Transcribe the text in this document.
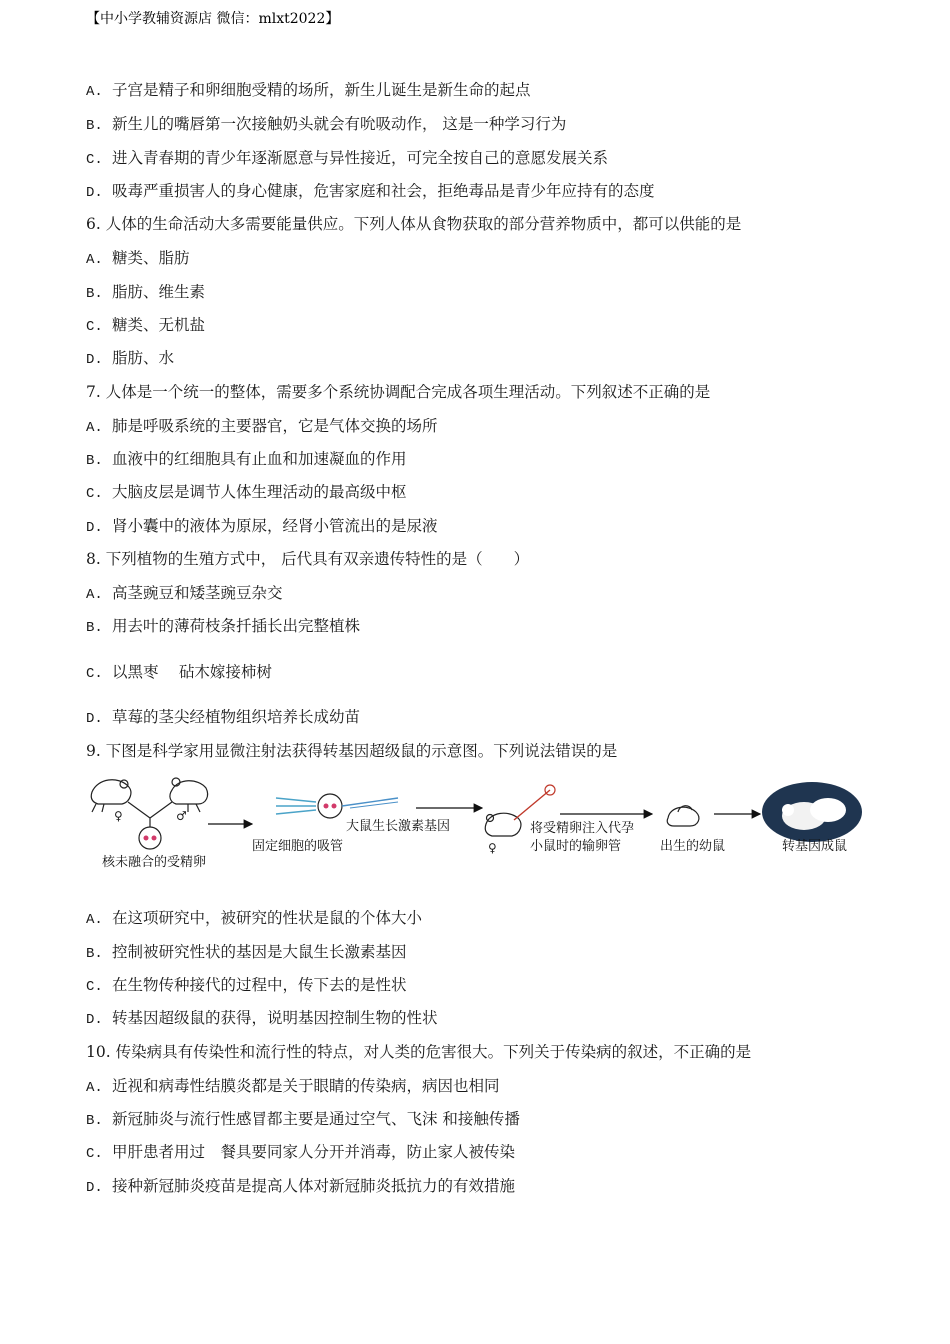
【中小学教辅资源店 微信：mlxt2022】
A. 子宫是精子和卵细胞受精的场所，新生儿诞生是新生命的起点
B. 新生儿的嘴唇第一次接触奶头就会有吮吸动作， 这是一种学习行为
C. 进入青春期的青少年逐渐愿意与异性接近，可完全按自己的意愿发展关系
D. 吸毒严重损害人的身心健康，危害家庭和社会，拒绝毒品是青少年应持有的态度
6. 人体的生命活动大多需要能量供应。下列人体从食物获取的部分营养物质中，都可以供能的是
A. 糖类、脂肪
B. 脂肪、维生素
C. 糖类、无机盐
D. 脂肪、水
7. 人体是一个统一的整体，需要多个系统协调配合完成各项生理活动。下列叙述不正确的是
A. 肺是呼吸系统的主要器官，它是气体交换的场所
B. 血液中的红细胞具有止血和加速凝血的作用
C. 大脑皮层是调节人体生理活动的最高级中枢
D. 肾小囊中的液体为原尿，经肾小管流出的是尿液
8. 下列植物的生殖方式中， 后代具有双亲遗传特性的是（　　）
A. 高茎豌豆和矮茎豌豆杂交
B. 用去叶的薄荷枝条扦插长出完整植株
C. 以黑枣　 砧木嫁接柿树
D. 草莓的茎尖经植物组织培养长成幼苗
9. 下图是科学家用显微注射法获得转基因超级鼠的示意图。下列说法错误的是
♀	♂
核未融合的受精卵
固定细胞的吸管
大鼠生长激素基因
♀
将受精卵注入代孕
小鼠时的输卵管	出生的幼鼠	转基因成鼠
A. 在这项研究中，被研究的性状是鼠的个体大小
B. 控制被研究性状的基因是大鼠生长激素基因
C. 在生物传种接代的过程中，传下去的是性状
D. 转基因超级鼠的获得，说明基因控制生物的性状
10. 传染病具有传染性和流行性的特点，对人类的危害很大。下列关于传染病的叙述，不正确的是
A. 近视和病毒性结膜炎都是关于眼睛的传染病，病因也相同
B. 新冠肺炎与流行性感冒都主要是通过空气、飞沫 和接触传播
C. 甲肝患者用过　餐具要同家人分开并消毒，防止家人被传染
D. 接种新冠肺炎疫苗是提高人体对新冠肺炎抵抗力的有效措施
